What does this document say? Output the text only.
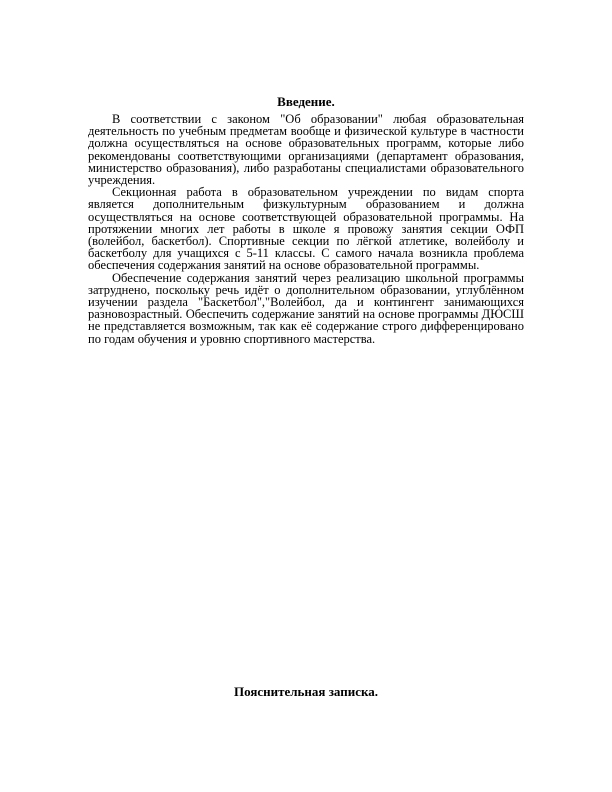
Введение.

В соответствии с законом "Об образовании" любая образовательная деятельность по учебным предметам вообще и физической культуре в частности должна осуществляться на основе образовательных программ, которые либо рекомендованы соответствующими организациями (департамент образования, министерство образования), либо разработаны специалистами образовательного учреждения.

Секционная работа в образовательном учреждении по видам спорта является дополнительным физкультурным образованием и должна осуществляться на основе соответствующей образовательной программы. На протяжении многих лет работы в школе я провожу занятия секции ОФП (волейбол, баскетбол). Спортивные секции по лёгкой атлетике, волейболу и баскетболу для учащихся с 5-11 классы. С самого начала возникла проблема обеспечения содержания занятий на основе образовательной программы.

Обеспечение содержания занятий через реализацию школьной программы затруднено, поскольку речь идёт о дополнительном образовании, углублённом изучении раздела "Баскетбол","Волейбол, да и контингент занимающихся разновозрастный. Обеспечить содержание занятий на основе программы ДЮСШ не представляется возможным, так как её содержание строго дифференцировано по годам обучения и уровню спортивного мастерства.

Пояснительная записка.
